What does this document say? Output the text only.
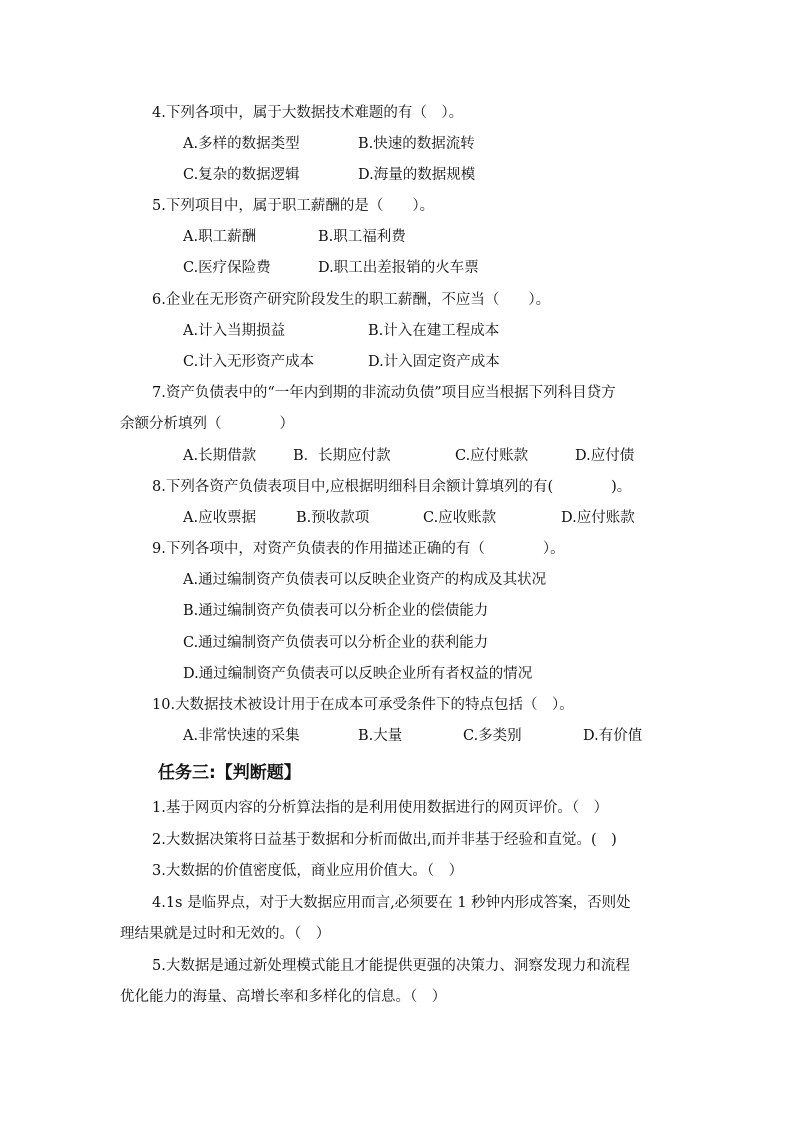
4.下列各项中，属于大数据技术难题的有（　）。
A.多样的数据类型	B.快速的数据流转
C.复杂的数据逻辑	D.海量的数据规模
5.下列项目中，属于职工薪酬的是（　　）。
A.职工薪酬	B.职工福利费
C.医疗保险费	D.职工出差报销的火车票
6.企业在无形资产研究阶段发生的职工薪酬，不应当（　　）。
A.计入当期损益	B.计入在建工程成本
C.计入无形资产成本	D.计入固定资产成本
7.资产负债表中的“一年内到期的非流动负债”项目应当根据下列科目贷方
余额分析填列（　　　　）
A.长期借款	B．长期应付款	C.应付账款	D.应付债
8.下列各资产负债表项目中,应根据明细科目余额计算填列的有(　　　　)。
A.应收票据	B.预收款项	C.应收账款	D.应付账款
9.下列各项中，对资产负债表的作用描述正确的有（　　　　）。
A.通过编制资产负债表可以反映企业资产的构成及其状况
B.通过编制资产负债表可以分析企业的偿债能力
C.通过编制资产负债表可以分析企业的获利能力
D.通过编制资产负债表可以反映企业所有者权益的情况
10.大数据技术被设计用于在成本可承受条件下的特点包括（　）。
A.非常快速的采集	B.大量	C.多类别	D.有价值
任务三:【判断题】
1.基于网页内容的分析算法指的是利用使用数据进行的网页评价。（　）
2.大数据决策将日益基于数据和分析而做出,而并非基于经验和直觉。(　)
3.大数据的价值密度低，商业应用价值大。（　）
4.1s 是临界点，对于大数据应用而言,必须要在 1 秒钟内形成答案，否则处
理结果就是过时和无效的。（　）
5.大数据是通过新处理模式能且才能提供更强的决策力、洞察发现力和流程
优化能力的海量、高增长率和多样化的信息。（　）
